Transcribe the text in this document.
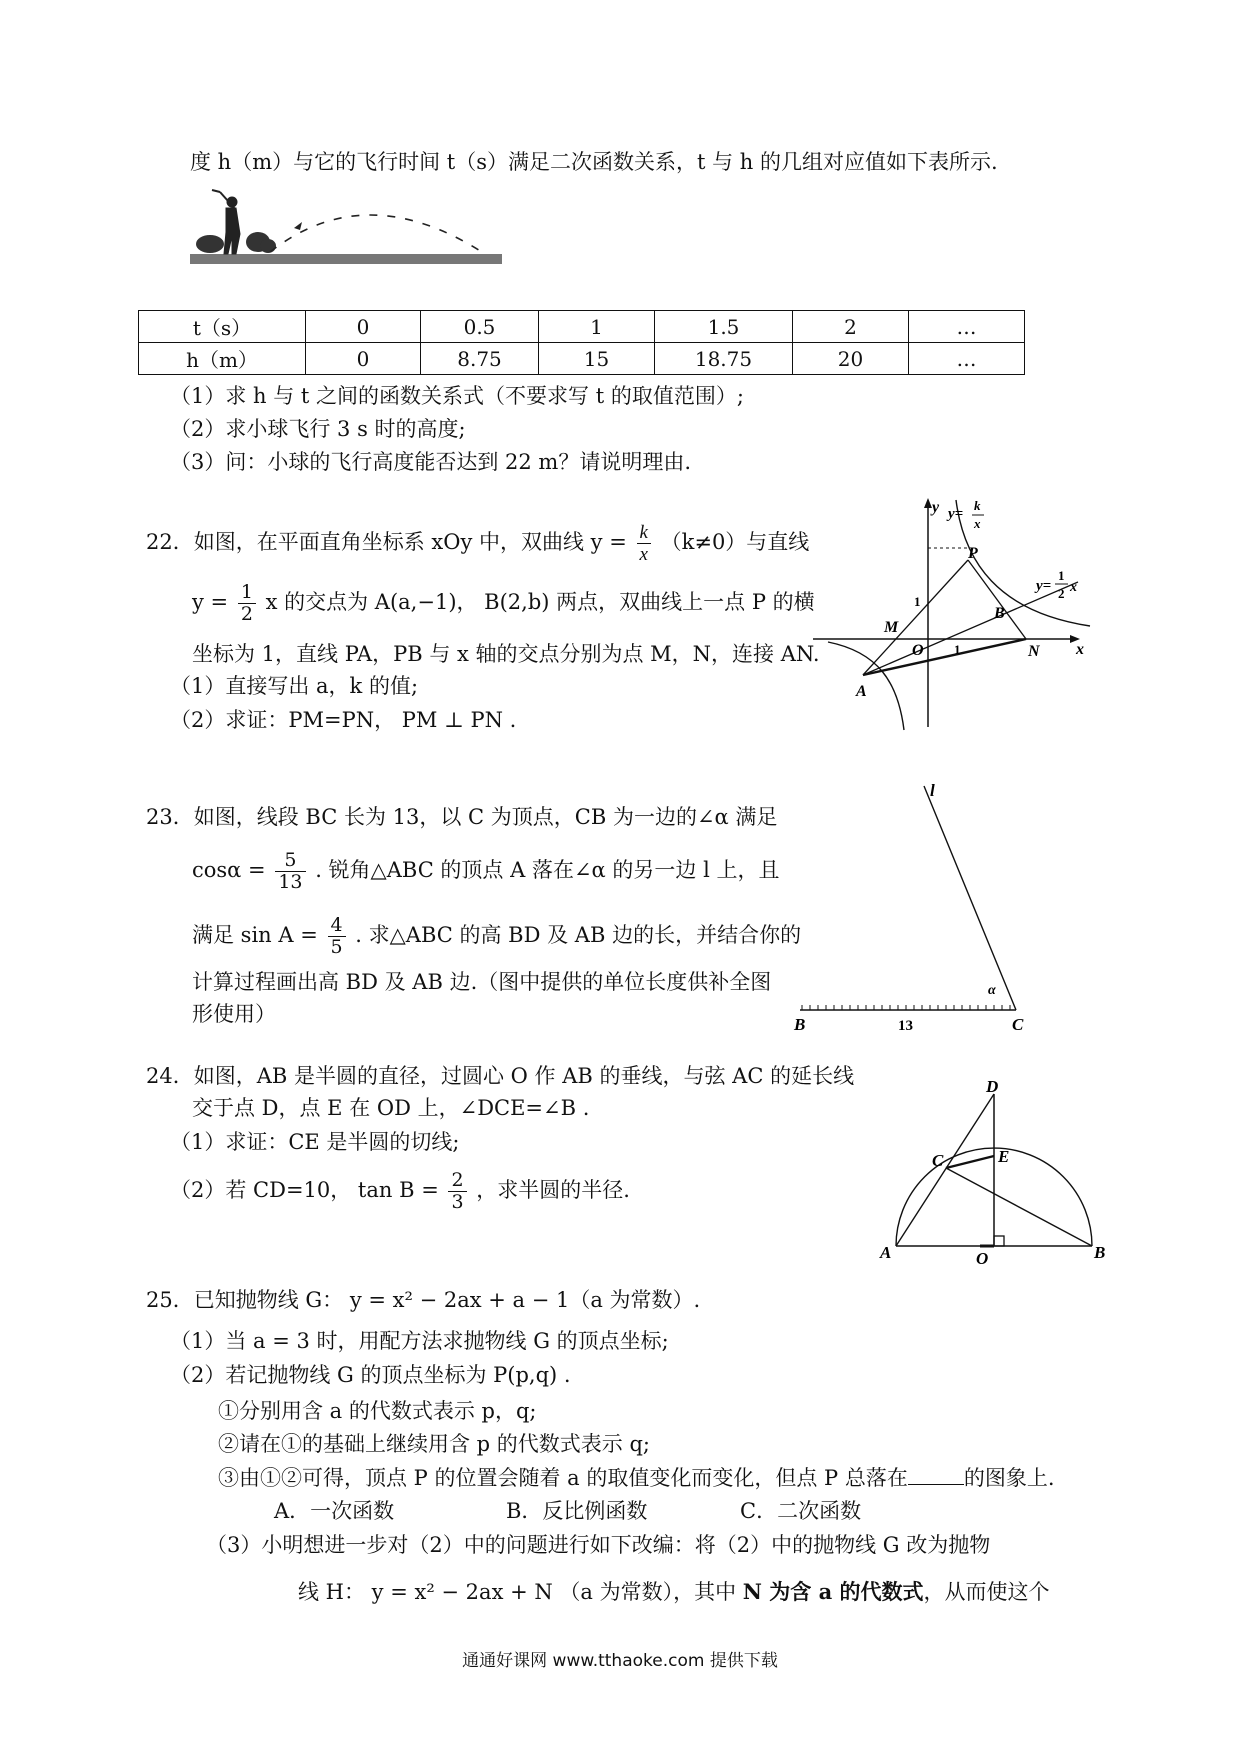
度 h（m）与它的飞行时间 t（s）满足二次函数关系，t 与 h 的几组对应值如下表所示.
t（s）	0	0.5	1	1.5	2	…
h（m）	0	8.75	15	18.75	20	…
（1）求 h 与 t 之间的函数关系式（不要求写 t 的取值范围）;
（2）求小球飞行 3 s 时的高度;
（3）问：小球的飞行高度能否达到 22 m？请说明理由.
22．如图，在平面直角坐标系 xOy 中，双曲线 $y = \frac{k}{x} (k\ne 0)$与直线
$y = \frac{1}{2}$ x 的交点为 A(a,−1)， B(2,b) 两点，双曲线上一点 P 的横
坐标为 1，直线 PA，PB 与 x 轴的交点分别为点 M，N，连接 AN.
（1）直接写出 a，k 的值;
（2）求证：PM=PN， PM ⊥ PN .
y
x
y=
k
x
y=
1
2 x
P
B
M
O	N
A
1
1
23．如图，线段 BC 长为 13，以 C 为顶点，CB 为一边的∠α 满足
$\cos\alpha = \frac{5}{13}$ . 锐角△ABC 的顶点 A 落在∠α 的另一边 l 上，且
满足 $\sin A = \frac{4}{5}$ . 求△ABC 的高 BD 及 AB 边的长，并结合你的
计算过程画出高 BD 及 AB 边.（图中提供的单位长度供补全图
形使用）
l
α
B	13	C
24．如图，AB 是半圆的直径，过圆心 O 作 AB 的垂线，与弦 AC 的延长线
交于点 D，点 E 在 OD 上，∠DCE=∠B .
（1）求证：CE 是半圆的切线;
（2）若 CD=10， $\tan B = \frac{2}{3}$ ，求半圆的半径.
D
C	E
A	O	B
25．已知抛物线 G： y = x² − 2ax + a − 1（a 为常数）.
（1）当 a = 3 时，用配方法求抛物线 G 的顶点坐标;
（2）若记抛物线 G 的顶点坐标为 P(p,q) .
①分别用含 a 的代数式表示 p，q;
②请在①的基础上继续用含 p 的代数式表示 q;
③由①②可得，顶点 P 的位置会随着 a 的取值变化而变化，但点 P 总落在	的图象上.
A．一次函数	B．反比例函数	C．二次函数
（3）小明想进一步对（2）中的问题进行如下改编：将（2）中的抛物线 G 改为抛物
线 H： y = x² − 2ax + N （a 为常数），其中 N 为含 a 的代数式，从而使这个
通通好课网 www.tthaoke.com 提供下载
